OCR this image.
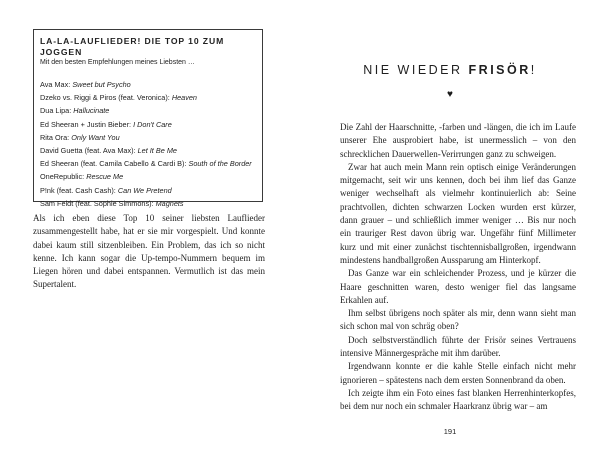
LA-LA-LAUFLIEDER! DIE TOP 10 ZUM JOGGEN
Mit den besten Empfehlungen meines Liebsten …
Ava Max: Sweet but Psycho
Dzeko vs. Riggi & Piros (feat. Veronica): Heaven
Dua Lipa: Hallucinate
Ed Sheeran + Justin Bieber: I Don't Care
Rita Ora: Only Want You
David Guetta (feat. Ava Max): Let It Be Me
Ed Sheeran (feat. Camila Cabello & Cardi B): South of the Border
OneRepublic: Rescue Me
P!nk (feat. Cash Cash): Can We Pretend
Sam Feldt (feat. Sophie Simmons): Magnets

Als ich eben diese Top 10 seiner liebsten Lauflieder zusammengestellt habe, hat er sie mir vorgespielt. Und konnte dabei kaum still sitzenbleiben. Ein Problem, das ich so nicht kenne. Ich kann sogar die Up-tempo-Nummern bequem im Liegen hören und dabei entspannen. Vermutlich ist das mein Supertalent.

NIE WIEDER FRISÖR!
♥

Die Zahl der Haarschnitte, -farben und -längen, die ich im Laufe unserer Ehe ausprobiert habe, ist unermesslich – von den schrecklichen Dauerwellen-Verirrungen ganz zu schweigen.

Zwar hat auch mein Mann rein optisch einige Veränderungen mitgemacht, seit wir uns kennen, doch bei ihm lief das Ganze weniger wechselhaft als vielmehr kontinuierlich ab: Seine prachtvollen, dichten schwarzen Locken wurden erst kürzer, dann grauer – und schließlich immer weniger … Bis nur noch ein trauriger Rest davon übrig war. Ungefähr fünf Millimeter kurz und mit einer zunächst tischtennisballgroßen, irgendwann mindestens handballgroßen Aussparung am Hinterkopf.

Das Ganze war ein schleichender Prozess, und je kürzer die Haare geschnitten waren, desto weniger fiel das langsame Erkahlen auf.

Ihm selbst übrigens noch später als mir, denn wann sieht man sich schon mal von schräg oben?

Doch selbstverständlich führte der Frisör seines Vertrauens intensive Männergespräche mit ihm darüber.

Irgendwann konnte er die kahle Stelle einfach nicht mehr ignorieren – spätestens nach dem ersten Sonnenbrand da oben.

Ich zeigte ihm ein Foto eines fast blanken Herrenhinterkopfes, bei dem nur noch ein schmaler Haarkranz übrig war – am

191
